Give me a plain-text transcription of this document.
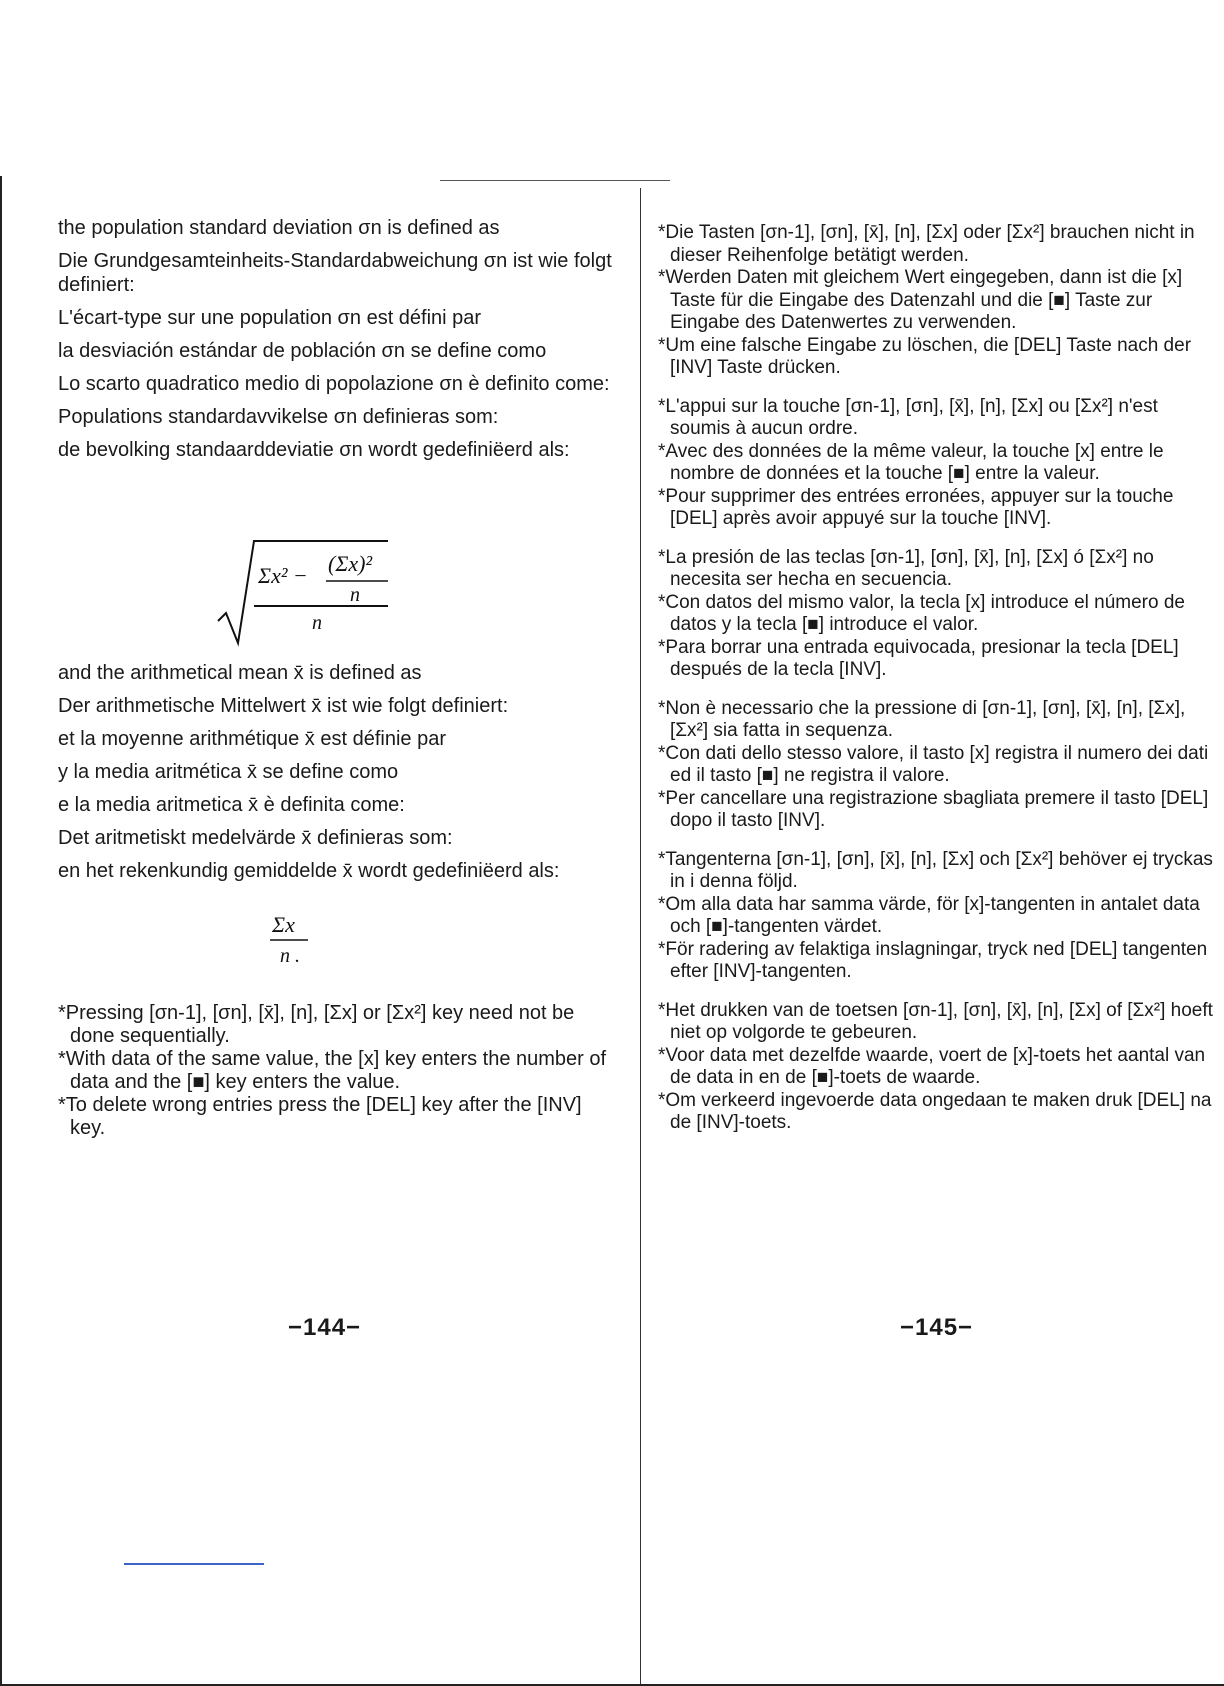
the population standard deviation σn is defined as

Die Grundgesamteinheits-Standardabweichung σn ist wie folgt definiert:

L'écart-type sur une population σn est défini par

la desviación estándar de población σn se define como

Lo scarto quadratico medio di popolazione σn è definito come:

Populations standardavvikelse σn definieras som:

de bevolking standaarddeviatie σn wordt gedefiniëerd als:

Σx² − (Σx)²
n
n

and the arithmetical mean x̄ is defined as

Der arithmetische Mittelwert x̄ ist wie folgt definiert:

et la moyenne arithmétique x̄ est définie par

y la media aritmética x̄ se define como

e la media aritmetica x̄ è definita come:

Det aritmetiskt medelvärde x̄ definieras som:

en het rekenkundig gemiddelde x̄ wordt gedefiniëerd als:

Σx
n .

*Pressing [σn-1], [σn], [x̄], [n], [Σx] or [Σx²] key need not be done sequentially.

*With data of the same value, the [x] key enters the number of data and the [■] key enters the value.

*To delete wrong entries press the [DEL] key after the [INV] key.

−144−

*Die Tasten [σn-1], [σn], [x̄], [n], [Σx] oder [Σx²] brauchen nicht in dieser Reihenfolge betätigt werden.

*Werden Daten mit gleichem Wert eingegeben, dann ist die [x] Taste für die Eingabe des Datenzahl und die [■] Taste zur Eingabe des Datenwertes zu verwenden.

*Um eine falsche Eingabe zu löschen, die [DEL] Taste nach der [INV] Taste drücken.

*L'appui sur la touche [σn-1], [σn], [x̄], [n], [Σx] ou [Σx²] n'est soumis à aucun ordre.

*Avec des données de la même valeur, la touche [x] entre le nombre de données et la touche [■] entre la valeur.

*Pour supprimer des entrées erronées, appuyer sur la touche [DEL] après avoir appuyé sur la touche [INV].

*La presión de las teclas [σn-1], [σn], [x̄], [n], [Σx] ó [Σx²] no necesita ser hecha en secuencia.

*Con datos del mismo valor, la tecla [x] introduce el número de datos y la tecla [■] introduce el valor.

*Para borrar una entrada equivocada, presionar la tecla [DEL] después de la tecla [INV].

*Non è necessario che la pressione di [σn-1], [σn], [x̄], [n], [Σx], [Σx²] sia fatta in sequenza.

*Con dati dello stesso valore, il tasto [x] registra il numero dei dati ed il tasto [■] ne registra il valore.

*Per cancellare una registrazione sbagliata premere il tasto [DEL] dopo il tasto [INV].

*Tangenterna [σn-1], [σn], [x̄], [n], [Σx] och [Σx²] behöver ej tryckas in i denna följd.

*Om alla data har samma värde, för [x]-tangenten in antalet data och [■]-tangenten värdet.

*För radering av felaktiga inslagningar, tryck ned [DEL] tangenten efter [INV]-tangenten.

*Het drukken van de toetsen [σn-1], [σn], [x̄], [n], [Σx] of [Σx²] hoeft niet op volgorde te gebeuren.

*Voor data met dezelfde waarde, voert de [x]-toets het aantal van de data in en de [■]-toets de waarde.

*Om verkeerd ingevoerde data ongedaan te maken druk [DEL] na de [INV]-toets.

−145−
